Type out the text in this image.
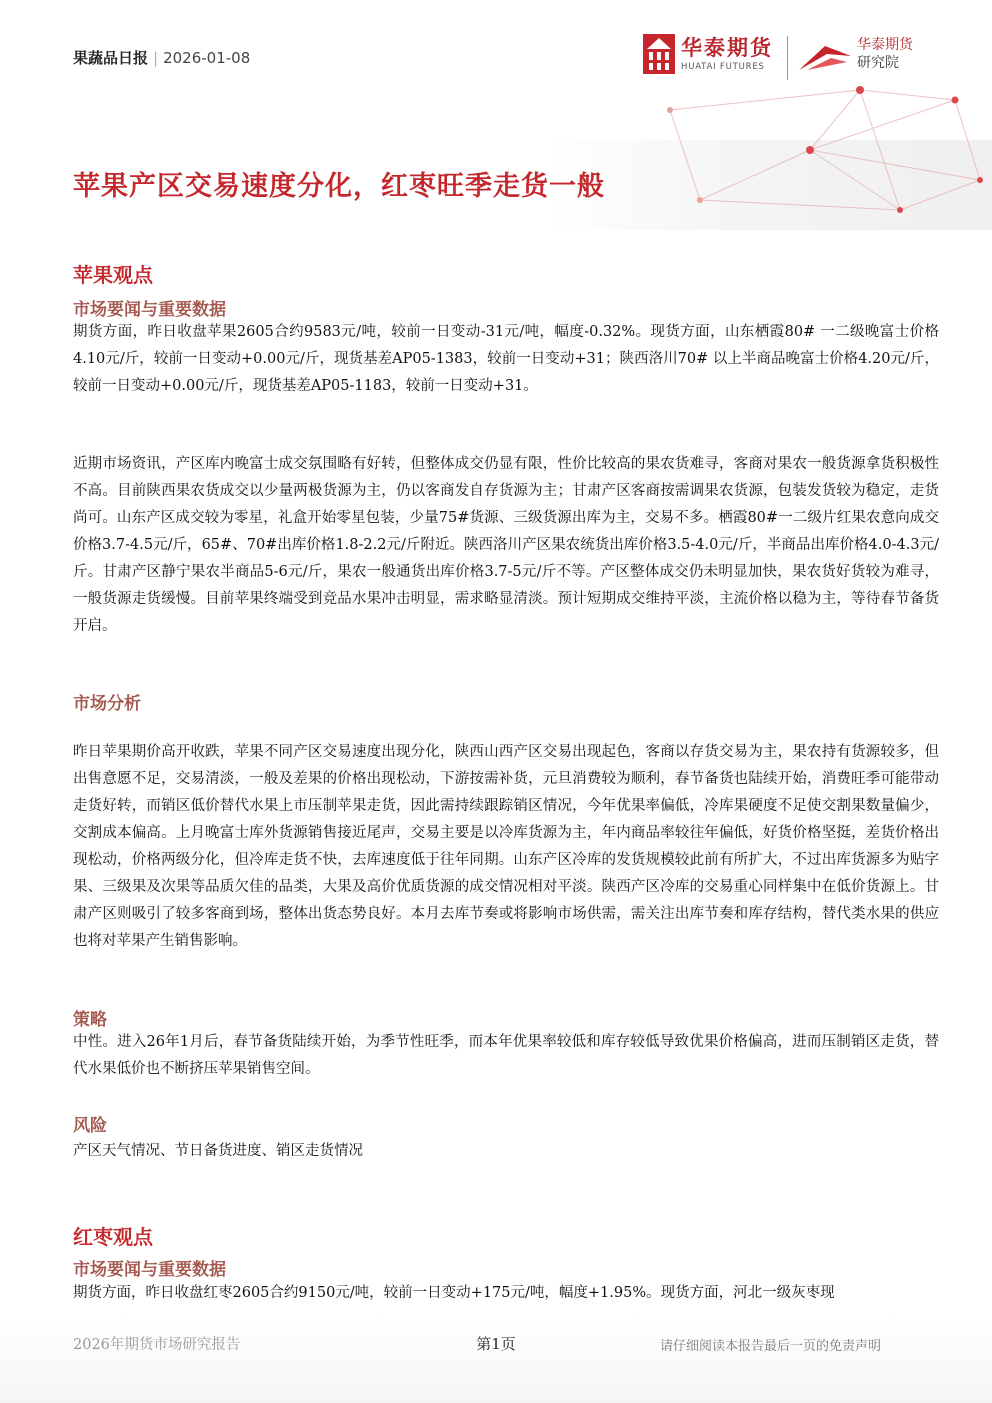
果蔬品日报 | 2026-01-08	华泰期货
HUATAI FUTURES
华泰期货
研究院
苹果产区交易速度分化，红枣旺季走货一般
苹果观点
市场要闻与重要数据
期货方面，昨日收盘苹果2605合约9583元/吨，较前一日变动-31元/吨，幅度-0.32%。现货方面，山东栖霞80# 一二级晚富士价格4.10元/斤，较前一日变动+0.00元/斤，现货基差AP05-1383，较前一日变动+31；陕西洛川70# 以上半商品晚富士价格4.20元/斤，较前一日变动+0.00元/斤，现货基差AP05-1183，较前一日变动+31。
近期市场资讯，产区库内晚富士成交氛围略有好转，但整体成交仍显有限，性价比较高的果农货难寻，客商对果农一般货源拿货积极性不高。目前陕西果农货成交以少量两极货源为主，仍以客商发自存货源为主；甘肃产区客商按需调果农货源，包装发货较为稳定，走货尚可。山东产区成交较为零星，礼盒开始零星包装，少量75#货源、三级货源出库为主，交易不多。栖霞80#一二级片红果农意向成交价格3.7-4.5元/斤，65#、70#出库价格1.8-2.2元/斤附近。陕西洛川产区果农统货出库价格3.5-4.0元/斤，半商品出库价格4.0-4.3元/斤。甘肃产区静宁果农半商品5-6元/斤，果农一般通货出库价格3.7-5元/斤不等。产区整体成交仍未明显加快，果农货好货较为难寻，一般货源走货缓慢。目前苹果终端受到竞品水果冲击明显，需求略显清淡。预计短期成交维持平淡，主流价格以稳为主，等待春节备货开启。
市场分析
昨日苹果期价高开收跌，苹果不同产区交易速度出现分化，陕西山西产区交易出现起色，客商以存货交易为主，果农持有货源较多，但出售意愿不足，交易清淡，一般及差果的价格出现松动，下游按需补货，元旦消费较为顺利，春节备货也陆续开始，消费旺季可能带动走货好转，而销区低价替代水果上市压制苹果走货，因此需持续跟踪销区情况，今年优果率偏低，冷库果硬度不足使交割果数量偏少，交割成本偏高。上月晚富士库外货源销售接近尾声，交易主要是以冷库货源为主，年内商品率较往年偏低，好货价格坚挺，差货价格出现松动，价格两级分化，但冷库走货不快，去库速度低于往年同期。山东产区冷库的发货规模较此前有所扩大，不过出库货源多为贴字果、三级果及次果等品质欠佳的品类，大果及高价优质货源的成交情况相对平淡。陕西产区冷库的交易重心同样集中在低价货源上。甘肃产区则吸引了较多客商到场，整体出货态势良好。本月去库节奏或将影响市场供需，需关注出库节奏和库存结构，替代类水果的供应也将对苹果产生销售影响。
策略
中性。进入26年1月后，春节备货陆续开始，为季节性旺季，而本年优果率较低和库存较低导致优果价格偏高，进而压制销区走货，替代水果低价也不断挤压苹果销售空间。
风险
产区天气情况、节日备货进度、销区走货情况
红枣观点
市场要闻与重要数据
期货方面，昨日收盘红枣2605合约9150元/吨，较前一日变动+175元/吨，幅度+1.95%。现货方面，河北一级灰枣现
2026年期货市场研究报告	第1页	请仔细阅读本报告最后一页的免责声明
